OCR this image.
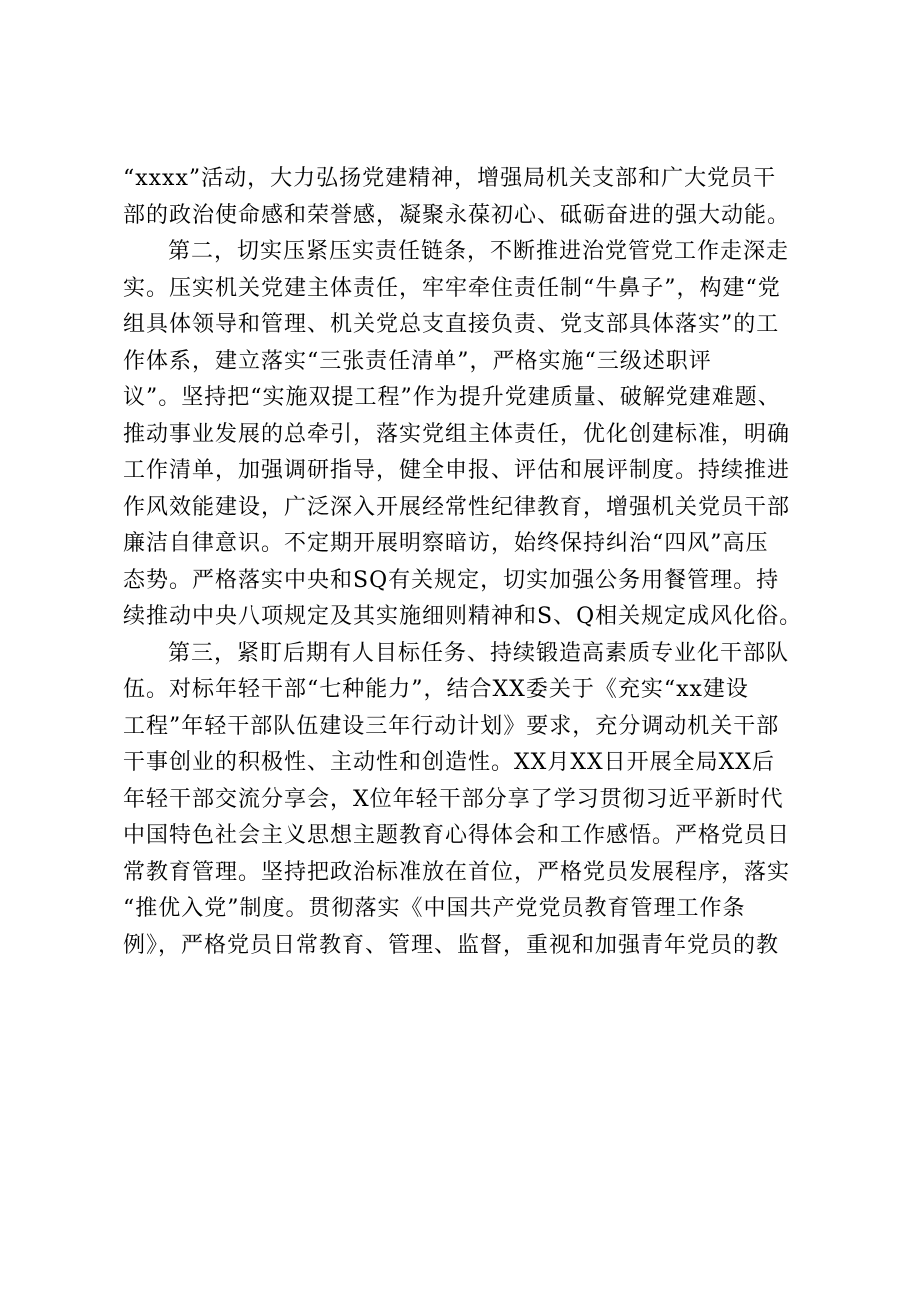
“xxxx”活动，大力弘扬党建精神，增强局机关支部和广大党员干
部的政治使命感和荣誉感，凝聚永葆初心、砥砺奋进的强大动能。
第二，切实压紧压实责任链条，不断推进治党管党工作走深走
实。压实机关党建主体责任，牢牢牵住责任制“牛鼻子”，构建“党
组具体领导和管理、机关党总支直接负责、党支部具体落实”的工
作体系，建立落实“三张责任清单”，严格实施“三级述职评
议”。坚持把“实施双提工程”作为提升党建质量、破解党建难题、
推动事业发展的总牵引，落实党组主体责任，优化创建标准，明确
工作清单，加强调研指导，健全申报、评估和展评制度。持续推进
作风效能建设，广泛深入开展经常性纪律教育，增强机关党员干部
廉洁自律意识。不定期开展明察暗访，始终保持纠治“四风”高压
态势。严格落实中央和SQ有关规定，切实加强公务用餐管理。持
续推动中央八项规定及其实施细则精神和S、Q相关规定成风化俗。
第三，紧盯后期有人目标任务、持续锻造高素质专业化干部队
伍。对标年轻干部“七种能力”，结合XX委关于《充实“xx建设
工程”年轻干部队伍建设三年行动计划》要求，充分调动机关干部
干事创业的积极性、主动性和创造性。XX月XX日开展全局XX后
年轻干部交流分享会，X位年轻干部分享了学习贯彻习近平新时代
中国特色社会主义思想主题教育心得体会和工作感悟。严格党员日
常教育管理。坚持把政治标准放在首位，严格党员发展程序，落实
“推优入党”制度。贯彻落实《中国共产党党员教育管理工作条
例》，严格党员日常教育、管理、监督，重视和加强青年党员的教
